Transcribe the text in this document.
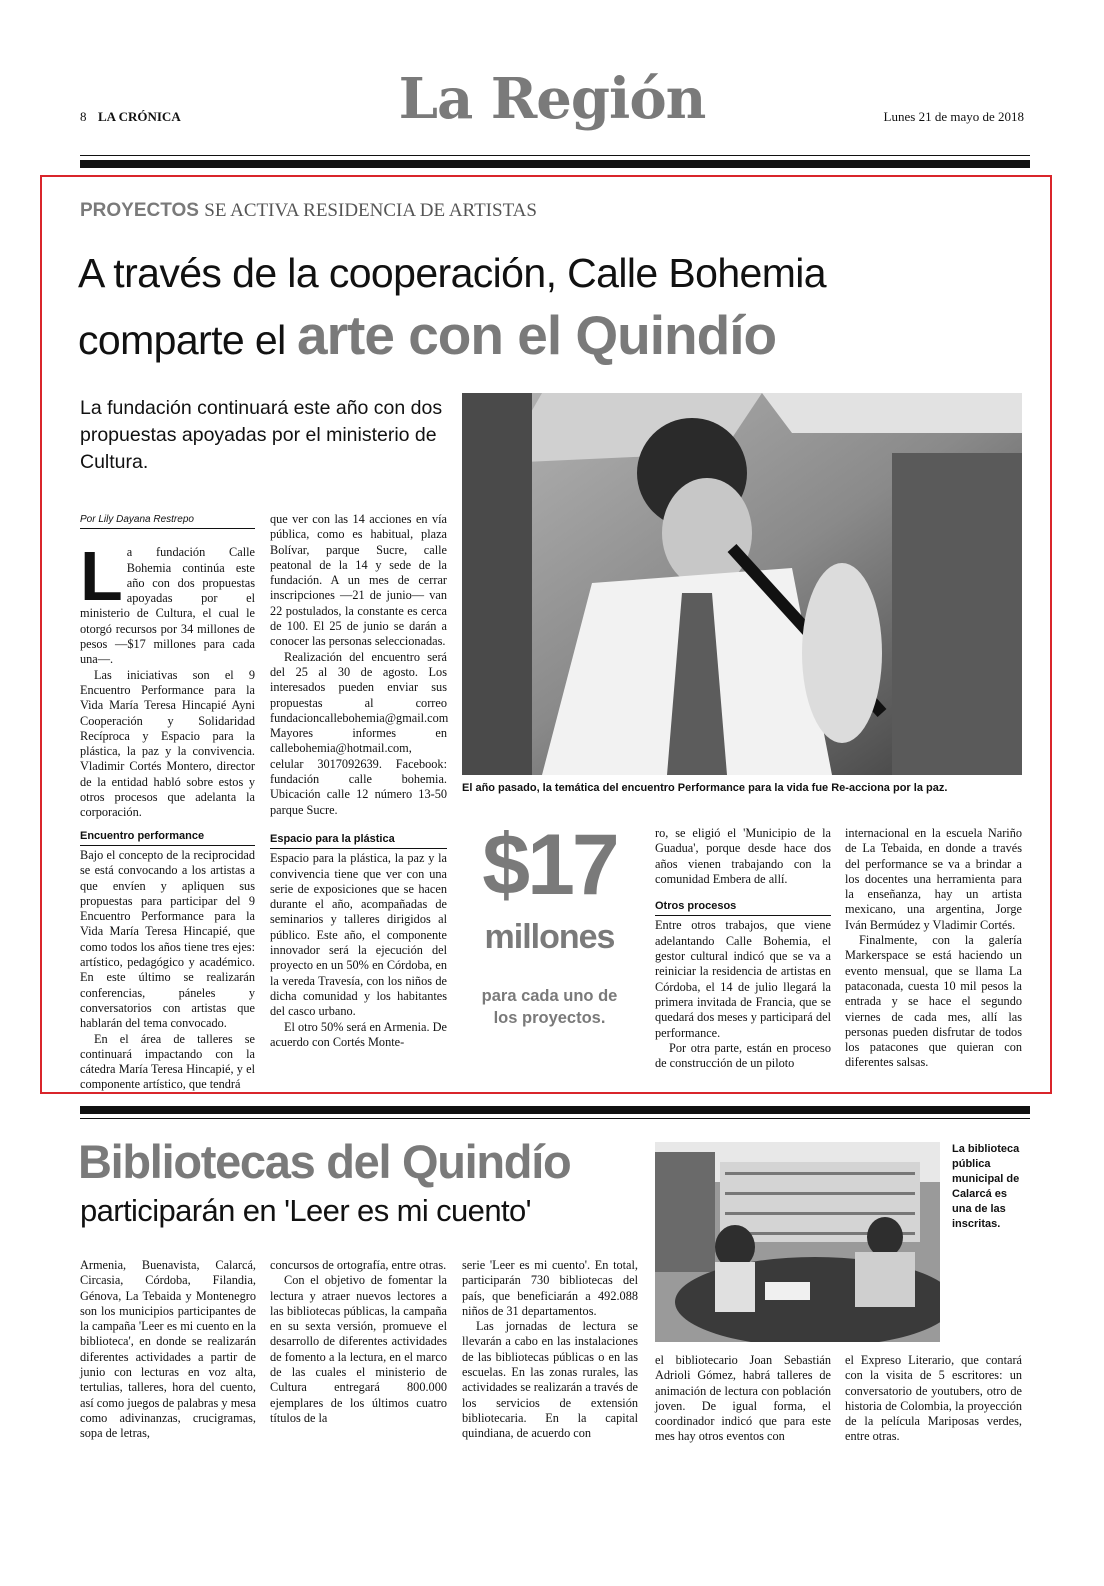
8 LA CRÓNICA	La Región	Lunes 21 de mayo de 2018
PROYECTOS SE ACTIVA RESIDENCIA DE ARTISTAS
A través de la cooperación, Calle Bohemia
comparte el arte con el Quindío
La fundación continuará este año con dos propuestas apoyadas por el ministerio de Cultura.
El año pasado, la temática del encuentro Performance para la vida fue Re-acciona por la paz.
Por Lily Dayana Restrepo

La fundación Calle Bohemia continúa este año con dos propuestas apoyadas por el ministerio de Cultura, el cual le otorgó recursos por 34 millones de pesos —$17 millones para cada una—.

Las iniciativas son el 9 Encuentro Performance para la Vida María Teresa Hincapié Ayni Cooperación y Solidaridad Recíproca y Espacio para la plástica, la paz y la convivencia. Vladimir Cortés Montero, director de la entidad habló sobre estos y otros procesos que adelanta la corporación.

Encuentro performance

Bajo el concepto de la reciprocidad se está convocando a los artistas a que envíen y apliquen sus propuestas para participar del 9 Encuentro Performance para la Vida María Teresa Hincapié, que como todos los años tiene tres ejes: artístico, pedagógico y académico. En este último se realizarán conferencias, páneles y conversatorios con artistas que hablarán del tema convocado.

En el área de talleres se continuará impactando con la cátedra María Teresa Hincapié, y el componente artístico, que tendrá

que ver con las 14 acciones en vía pública, como es habitual, plaza Bolívar, parque Sucre, calle peatonal de la 14 y sede de la fundación. A un mes de cerrar inscripciones —21 de junio— van 22 postulados, la constante es cerca de 100. El 25 de junio se darán a conocer las personas seleccionadas.

Realización del encuentro será del 25 al 30 de agosto. Los interesados pueden enviar sus propuestas al correo fundacioncallebohemia@gmail.com Mayores informes en callebohemia@hotmail.com, celular 3017092639. Facebook: fundación calle bohemia. Ubicación calle 12 número 13-50 parque Sucre.

Espacio para la plástica

Espacio para la plástica, la paz y la convivencia tiene que ver con una serie de exposiciones que se hacen durante el año, acompañadas de seminarios y talleres dirigidos al público. Este año, el componente innovador será la ejecución del proyecto en un 50% en Córdoba, en la vereda Travesía, con los niños de dicha comunidad y los habitantes del casco urbano.

El otro 50% será en Armenia. De acuerdo con Cortés Monte-

$17
millones
para cada uno de los proyectos.

ro, se eligió el 'Municipio de la Guadua', porque desde hace dos años vienen trabajando con la comunidad Embera de allí.

Otros procesos

Entre otros trabajos, que viene adelantando Calle Bohemia, el gestor cultural indicó que se va a reiniciar la residencia de artistas en Córdoba, el 14 de julio llegará la primera invitada de Francia, que se quedará dos meses y participará del performance.

Por otra parte, están en proceso de construcción de un piloto

internacional en la escuela Nariño de La Tebaida, en donde a través del performance se va a brindar a los docentes una herramienta para la enseñanza, hay un artista mexicano, una argentina, Jorge Iván Bermúdez y Vladimir Cortés.

Finalmente, con la galería Markerspace se está haciendo un evento mensual, que se llama La pataconada, cuesta 10 mil pesos la entrada y se hace el segundo viernes de cada mes, allí las personas pueden disfrutar de todos los patacones que quieran con diferentes salsas.

Bibliotecas del Quindío
participarán en 'Leer es mi cuento'
La biblioteca pública municipal de Calarcá es una de las inscritas.

Armenia, Buenavista, Calarcá, Circasia, Córdoba, Filandia, Génova, La Tebaida y Montenegro son los municipios participantes de la campaña 'Leer es mi cuento en la biblioteca', en donde se realizarán diferentes actividades a partir de junio con lecturas en voz alta, tertulias, talleres, hora del cuento, así como juegos de palabras y mesa como adivinanzas, crucigramas, sopa de letras,

concursos de ortografía, entre otras.

Con el objetivo de fomentar la lectura y atraer nuevos lectores a las bibliotecas públicas, la campaña en su sexta versión, promueve el desarrollo de diferentes actividades de fomento a la lectura, en el marco de las cuales el ministerio de Cultura entregará 800.000 ejemplares de los últimos cuatro títulos de la

serie 'Leer es mi cuento'. En total, participarán 730 bibliotecas del país, que beneficiarán a 492.088 niños de 31 departamentos.

Las jornadas de lectura se llevarán a cabo en las instalaciones de las bibliotecas públicas o en las escuelas. En las zonas rurales, las actividades se realizarán a través de los servicios de extensión bibliotecaria. En la capital quindiana, de acuerdo con

el bibliotecario Joan Sebastián Adrioli Gómez, habrá talleres de animación de lectura con población joven. De igual forma, el coordinador indicó que para este mes hay otros eventos con

el Expreso Literario, que contará con la visita de 5 escritores: un conversatorio de youtubers, otro de historia de Colombia, la proyección de la película Mariposas verdes, entre otras.
